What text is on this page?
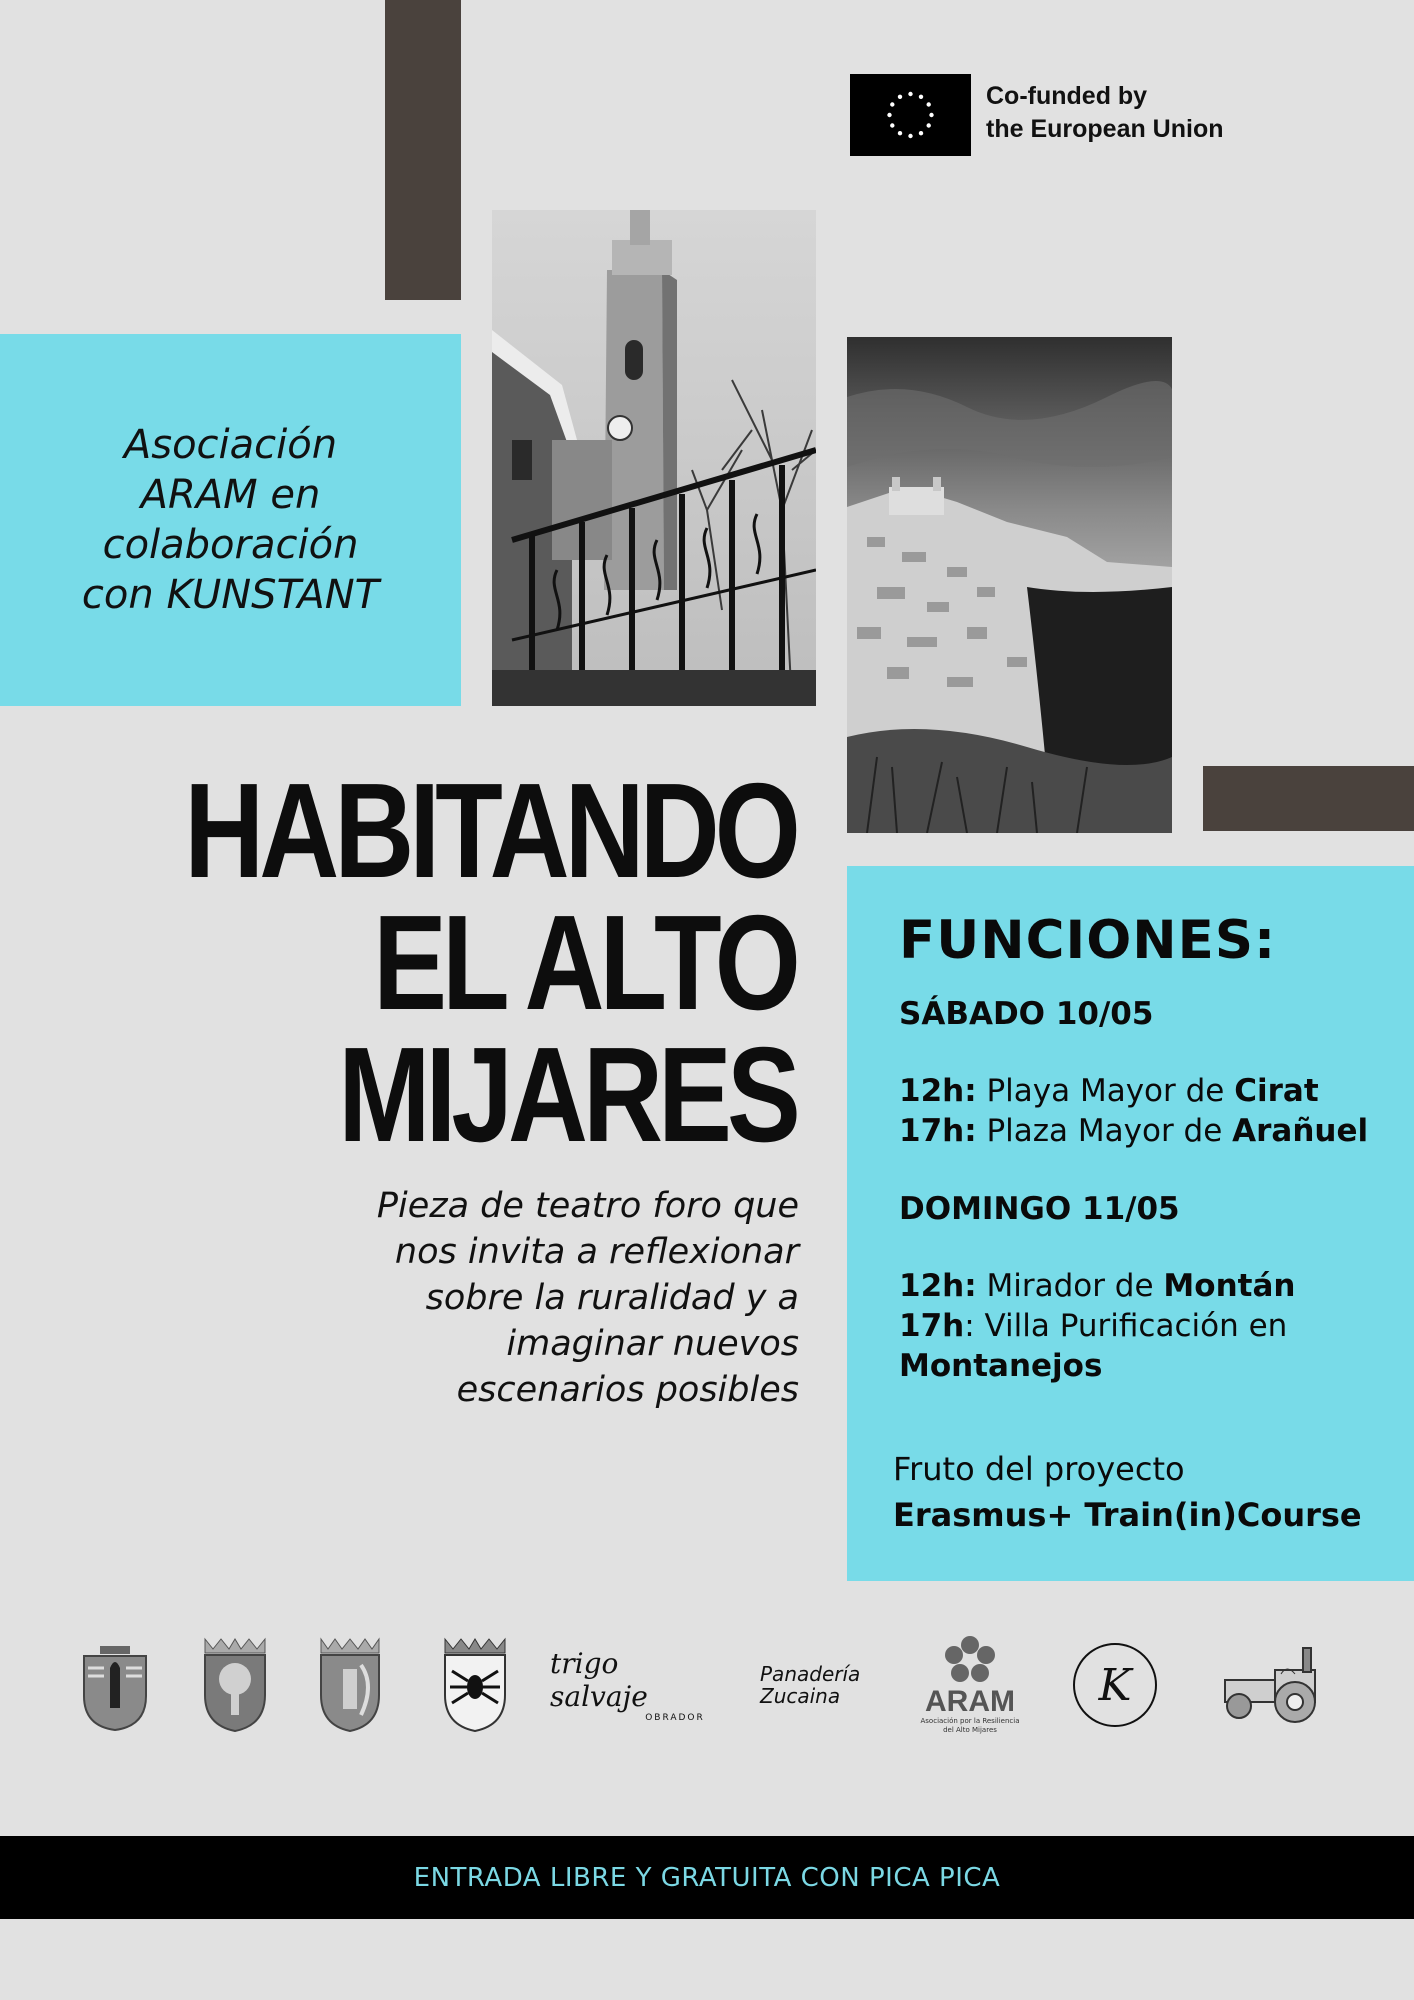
Co-funded by
the European Union
Asociación
ARAM en
colaboración
con KUNSTANT
HABITANDO
EL ALTO
MIJARES
Pieza de teatro foro que
nos invita a reflexionar
sobre la ruralidad y a
imaginar nuevos
escenarios posibles
FUNCIONES:
SÁBADO 10/05
12h: Playa Mayor de Cirat
17h: Plaza Mayor de Arañuel
DOMINGO 11/05
12h: Mirador de Montán
17h: Villa Purificación en
Montanejos
Fruto del proyecto
Erasmus+ Train(in)Course
trigo salvaje
OBRADOR
Panadería
Zucaina	ARAM
Asociación por la Resiliencia
del Alto Mijares
K
ENTRADA LIBRE Y GRATUITA CON PICA PICA
